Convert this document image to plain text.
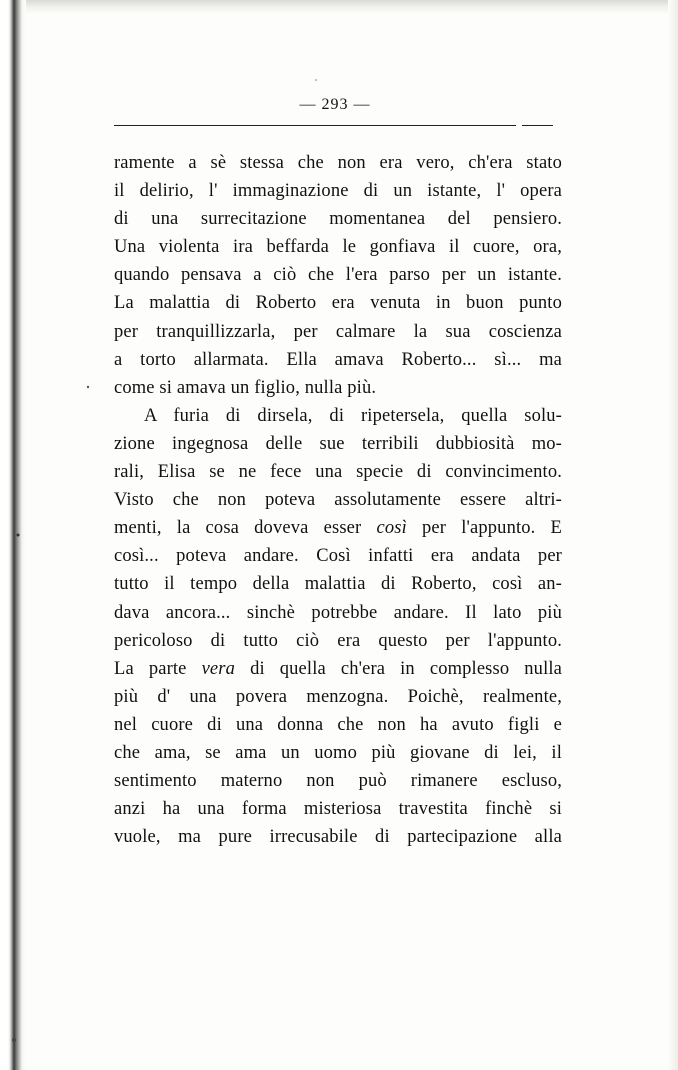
— 293 —
ramente a sè stessa che non era vero, ch'era stato
il delirio, l' immaginazione di un istante, l' opera
di una surrecitazione momentanea del pensiero.
Una violenta ira beffarda le gonfiava il cuore, ora,
quando pensava a ciò che l'era parso per un istante.
La malattia di Roberto era venuta in buon punto
per tranquillizzarla, per calmare la sua coscienza
a torto allarmata. Ella amava Roberto... sì... ma
come si amava un figlio, nulla più.
A furia di dirsela, di ripetersela, quella solu-
zione ingegnosa delle sue terribili dubbiosità mo-
rali, Elisa se ne fece una specie di convincimento.
Visto che non poteva assolutamente essere altri-
menti, la cosa doveva esser così per l'appunto. E
così... poteva andare. Così infatti era andata per
tutto il tempo della malattia di Roberto, così an-
dava ancora... sinchè potrebbe andare. Il lato più
pericoloso di tutto ciò era questo per l'appunto.
La parte vera di quella ch'era in complesso nulla
più d' una povera menzogna. Poichè, realmente,
nel cuore di una donna che non ha avuto figli e
che ama, se ama un uomo più giovane di lei, il
sentimento materno non può rimanere escluso,
anzi ha una forma misteriosa travestita finchè si
vuole, ma pure irrecusabile di partecipazione alla
